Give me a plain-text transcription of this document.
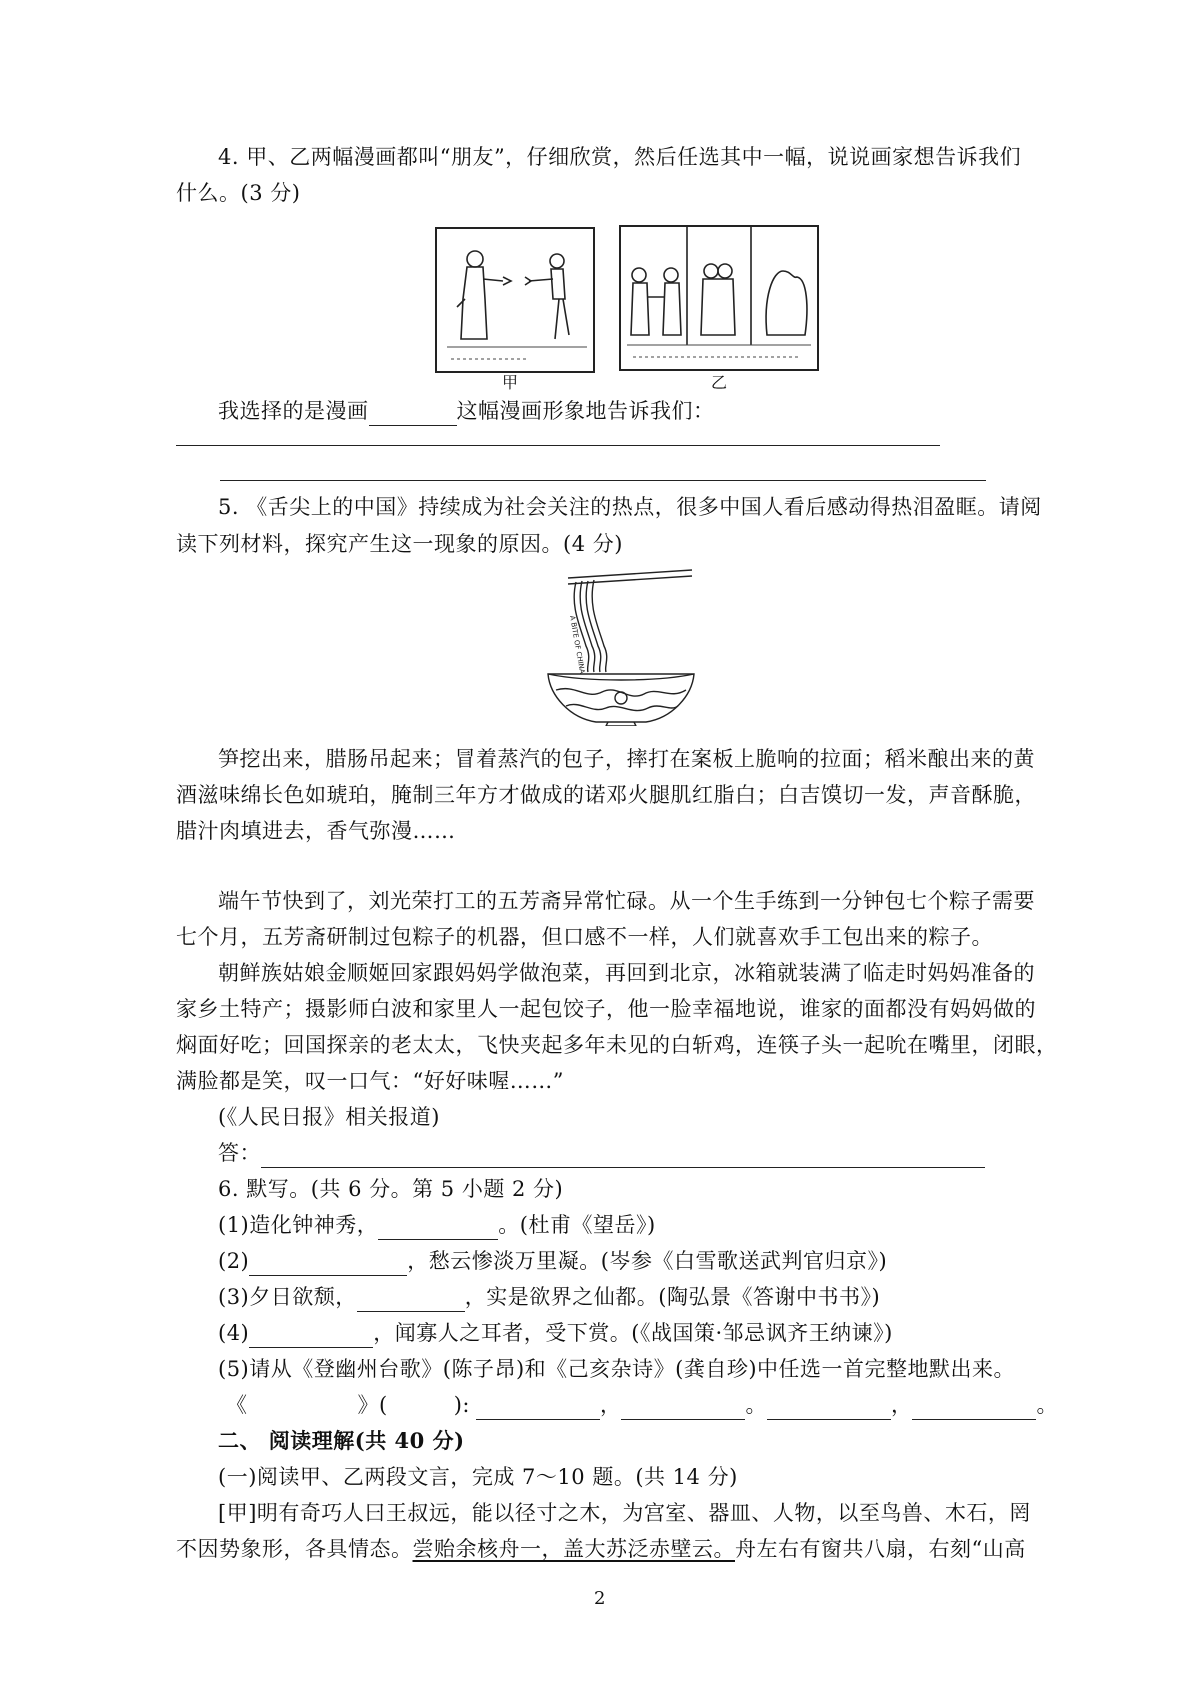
4. 甲、乙两幅漫画都叫“朋友”，仔细欣赏，然后任选其中一幅，说说画家想告诉我们
什么。(3 分)
甲	乙
我选择的是漫画	这幅漫画形象地告诉我们：
5. 《舌尖上的中国》持续成为社会关注的热点，很多中国人看后感动得热泪盈眶。请阅
读下列材料，探究产生这一现象的原因。(4 分)
A BITE OF CHINA
笋挖出来，腊肠吊起来；冒着蒸汽的包子，摔打在案板上脆响的拉面；稻米酿出来的黄
酒滋味绵长色如琥珀，腌制三年方才做成的诺邓火腿肌红脂白；白吉馍切一发，声音酥脆，
腊汁肉填进去，香气弥漫……
端午节快到了，刘光荣打工的五芳斋异常忙碌。从一个生手练到一分钟包七个粽子需要
七个月，五芳斋研制过包粽子的机器，但口感不一样，人们就喜欢手工包出来的粽子。
朝鲜族姑娘金顺姬回家跟妈妈学做泡菜，再回到北京，冰箱就装满了临走时妈妈准备的
家乡土特产；摄影师白波和家里人一起包饺子，他一脸幸福地说，谁家的面都没有妈妈做的
焖面好吃；回国探亲的老太太，飞快夹起多年未见的白斩鸡，连筷子头一起吮在嘴里，闭眼，
满脸都是笑，叹一口气：“好好味喔……”
(《人民日报》相关报道)
答：
6. 默写。(共 6 分。第 5 小题 2 分)
(1)造化钟神秀，	。(杜甫《望岳》)
(2)	，愁云惨淡万里凝。(岑参《白雪歌送武判官归京》)
(3)夕日欲颓，	，实是欲界之仙都。(陶弘景《答谢中书书》)
(4)	，闻寡人之耳者，受下赏。(《战国策·邹忌讽齐王纳谏》)
(5)请从《登幽州台歌》(陈子昂)和《己亥杂诗》(龚自珍)中任选一首完整地默出来。
《	》(	):	，	。	，	。
二、 阅读理解(共 40 分)
(一)阅读甲、乙两段文言，完成 7～10 题。(共 14 分)
[甲]明有奇巧人曰王叔远，能以径寸之木，为宫室、器皿、人物，以至鸟兽、木石，罔
不因势象形，各具情态。尝贻余核舟一，盖大苏泛赤壁云。舟左右有窗共八扇，右刻“山高
2
